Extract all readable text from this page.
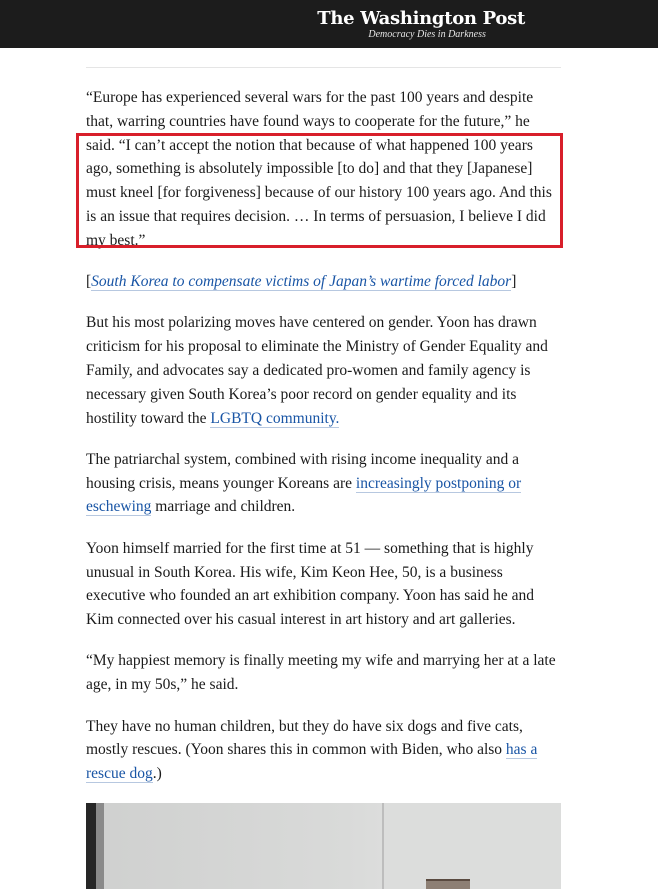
The Washington Post
Democracy Dies in Darkness

“Europe has experienced several wars for the past 100 years and despite that, warring countries have found ways to cooperate for the future,” he said. “I can’t accept the notion that because of what happened 100 years ago, something is absolutely impossible [to do] and that they [Japanese] must kneel [for forgiveness] because of our history 100 years ago. And this is an issue that requires decision. … In terms of persuasion, I believe I did my best.”

[South Korea to compensate victims of Japan’s wartime forced labor]

But his most polarizing moves have centered on gender. Yoon has drawn criticism for his proposal to eliminate the Ministry of Gender Equality and Family, and advocates say a dedicated pro-women and family agency is necessary given South Korea’s poor record on gender equality and its hostility toward the LGBTQ community.

The patriarchal system, combined with rising income inequality and a housing crisis, means younger Koreans are increasingly postponing or eschewing marriage and children.

Yoon himself married for the first time at 51 — something that is highly unusual in South Korea. His wife, Kim Keon Hee, 50, is a business executive who founded an art exhibition company. Yoon has said he and Kim connected over his casual interest in art history and art galleries.

“My happiest memory is finally meeting my wife and marrying her at a late age, in my 50s,” he said.

They have no human children, but they do have six dogs and five cats, mostly rescues. (Yoon shares this in common with Biden, who also has a rescue dog.)
